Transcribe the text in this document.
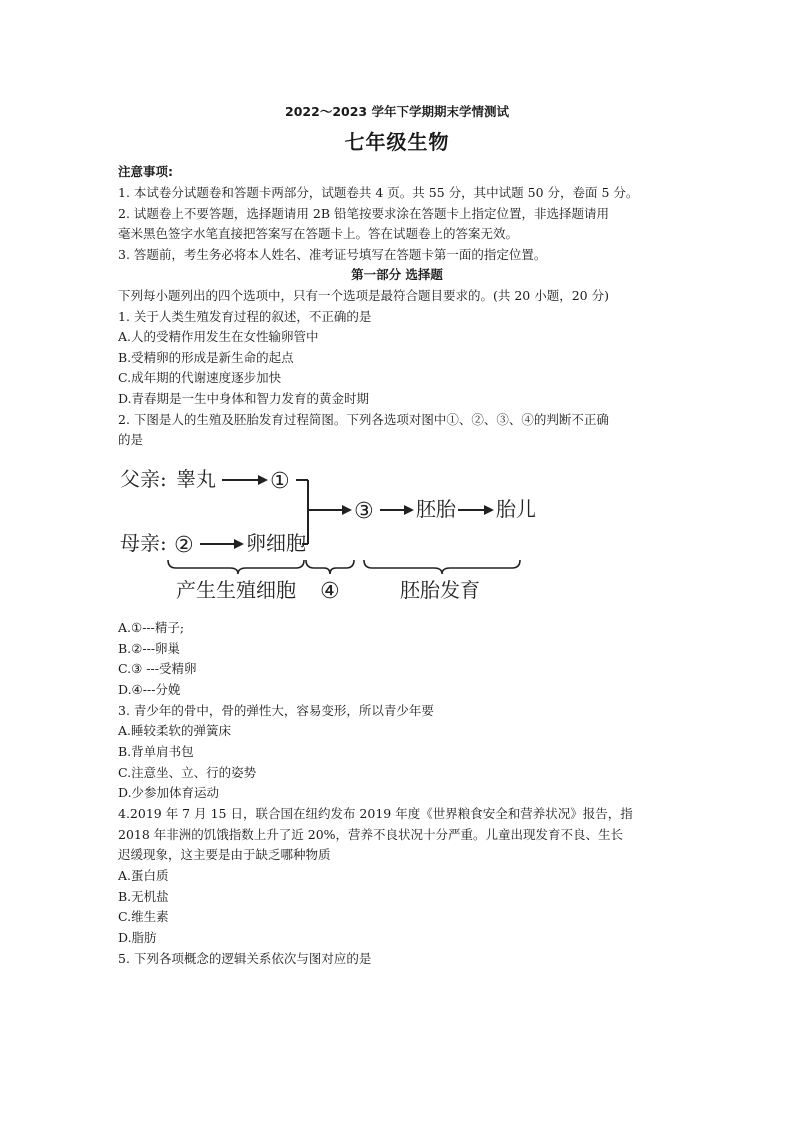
2022～2023 学年下学期期末学情测试
七年级生物
注意事项:
1. 本试卷分试题卷和答题卡两部分，试题卷共 4 页。共 55 分，其中试题 50 分，卷面 5 分。
2. 试题卷上不要答题，选择题请用 2B 铅笔按要求涂在答题卡上指定位置，非选择题请用
毫米黑色签字水笔直接把答案写在答题卡上。答在试题卷上的答案无效。
3. 答题前，考生务必将本人姓名、准考证号填写在答题卡第一面的指定位置。
第一部分 选择题
下列每小题列出的四个选项中，只有一个选项是最符合题目要求的。(共 20 小题，20 分)
1. 关于人类生殖发育过程的叙述，不正确的是
A.人的受精作用发生在女性输卵管中
B.受精卵的形成是新生命的起点
C.成年期的代谢速度逐步加快
D.青春期是一生中身体和智力发育的黄金时期
2. 下图是人的生殖及胚胎发育过程简图。下列各选项对图中①、②、③、④的判断不正确
的是
父亲: 睾丸 ①
母亲: ②	卵细胞
③ 胚胎 胎儿
产生生殖细胞 ④	胚胎发育
A.①---精子;
B.②---卵巢
C.③ ---受精卵
D.④---分娩
3. 青少年的骨中，骨的弹性大，容易变形，所以青少年要
A.睡较柔软的弹簧床
B.背单肩书包
C.注意坐、立、行的姿势
D.少参加体育运动
4.2019 年 7 月 15 日，联合国在纽约发布 2019 年度《世界粮食安全和营养状况》报告，指
2018 年非洲的饥饿指数上升了近 20%，营养不良状况十分严重。儿童出现发育不良、生长
迟缓现象，这主要是由于缺乏哪种物质
A.蛋白质
B.无机盐
C.维生素
D.脂肪
5. 下列各项概念的逻辑关系依次与图对应的是
